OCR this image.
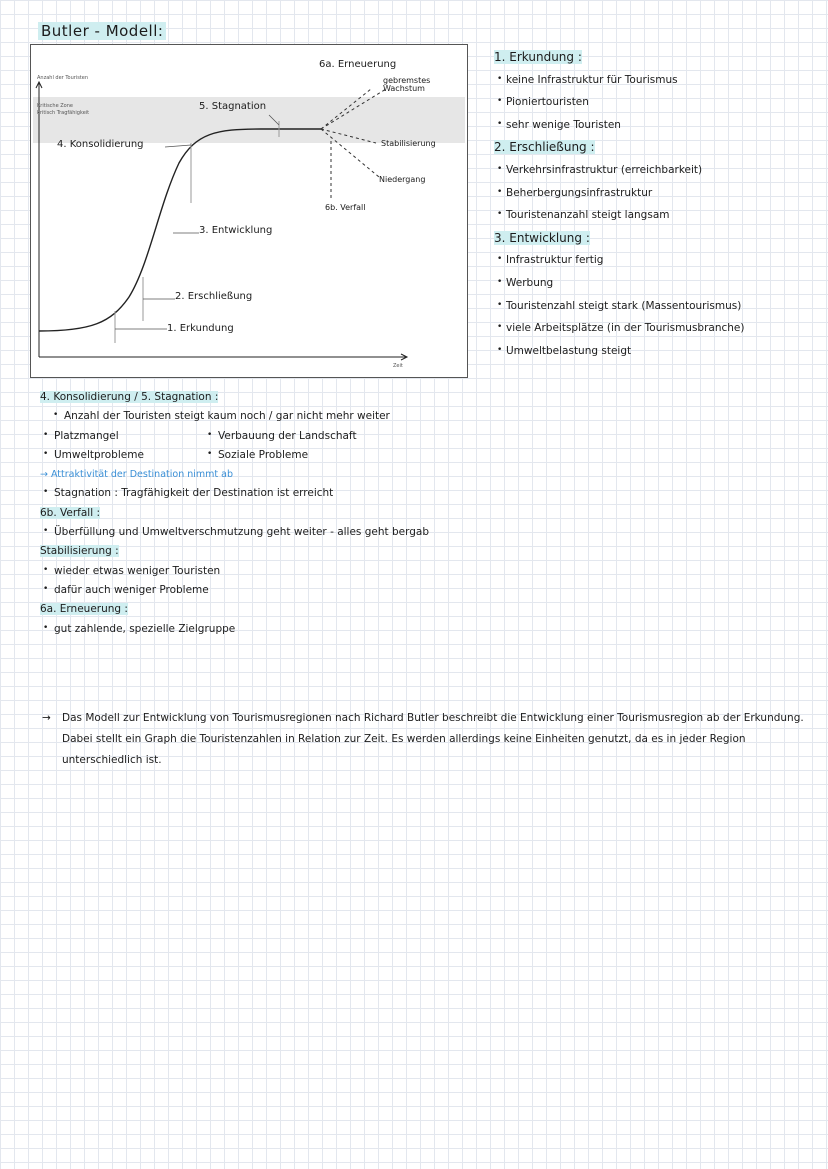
Butler - Modell:
Anzahl der Touristen
Kritische Zone
kritisch Tragfähigkeit
Zeit
4. Konsolidierung
5. Stagnation
3. Entwicklung
2. Erschließung
1. Erkundung
6a. Erneuerung
gebremstes Wachstum
Stabilisierung
Niedergang
6b. Verfall
1. Erkundung :
• keine Infrastruktur für Tourismus
• Pioniertouristen
• sehr wenige Touristen
2. Erschließung :
• Verkehrsinfrastruktur (erreichbarkeit)
• Beherbergungsinfrastruktur
• Touristenanzahl steigt langsam
3. Entwicklung :
• Infrastruktur fertig
• Werbung
• Touristenzahl steigt stark (Massentourismus)
• viele Arbeitsplätze (in der Tourismusbranche)
• Umweltbelastung steigt
4. Konsolidierung / 5. Stagnation :
• Anzahl der Touristen steigt kaum noch / gar nicht mehr weiter
• Platzmangel	• Verbauung der Landschaft
• Umweltprobleme	• Soziale Probleme
→ Attraktivität der Destination nimmt ab
• Stagnation : Tragfähigkeit der Destination ist erreicht
6b. Verfall :
• Überfüllung und Umweltverschmutzung geht weiter - alles geht bergab
Stabilisierung :
• wieder etwas weniger Touristen
• dafür auch weniger Probleme
6a. Erneuerung :
• gut zahlende, spezielle Zielgruppe
→	Das Modell zur Entwicklung von Tourismusregionen nach Richard Butler beschreibt die Entwicklung einer Tourismusregion ab der Erkundung. Dabei stellt ein Graph die Touristenzahlen in Relation zur Zeit. Es werden allerdings keine Einheiten genutzt, da es in jeder Region unterschiedlich ist.
